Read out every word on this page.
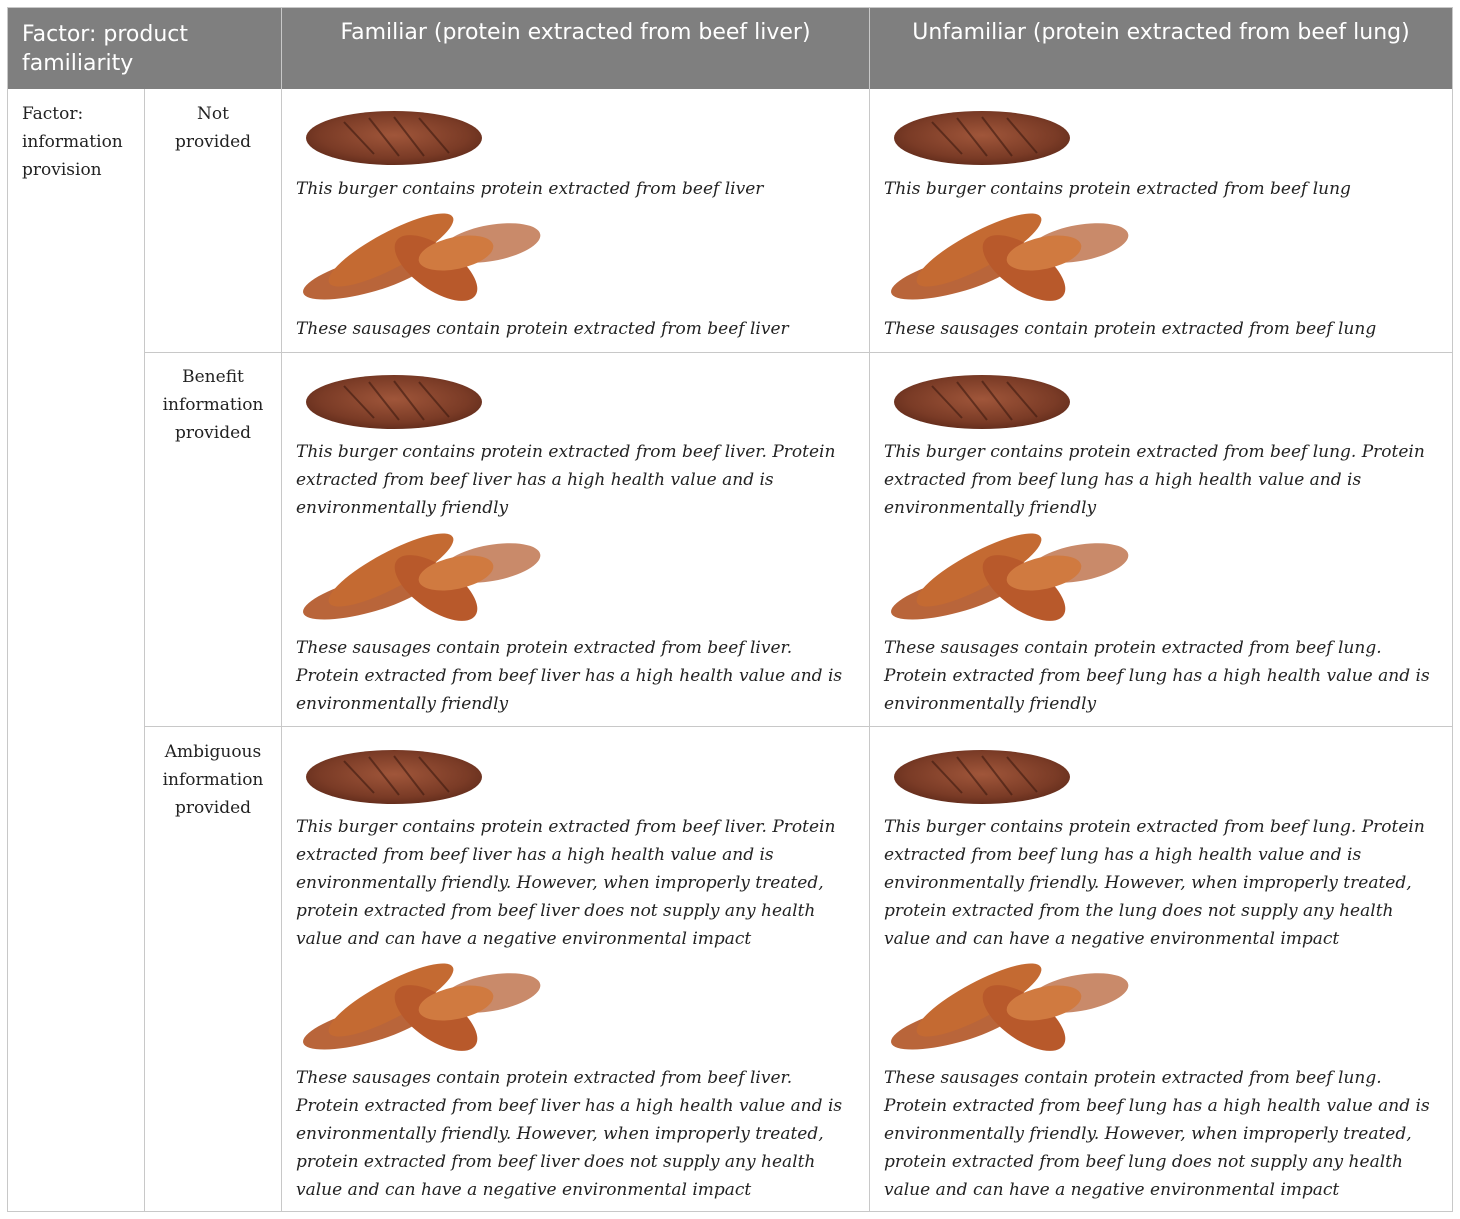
Factor: product familiarity
Familiar (protein extracted from beef liver)	Unfamiliar (protein extracted from beef lung)
Factor: information provision
Not provided
Benefit information provided
Ambiguous information provided
This burger contains protein extracted from beef liver
These sausages contain protein extracted from beef liver
This burger contains protein extracted from beef lung
These sausages contain protein extracted from beef lung
This burger contains protein extracted from beef liver. Protein extracted from beef liver has a high health value and is environmentally friendly
These sausages contain protein extracted from beef liver. Protein extracted from beef liver has a high health value and is environmentally friendly
This burger contains protein extracted from beef lung. Protein extracted from beef lung has a high health value and is environmentally friendly
These sausages contain protein extracted from beef lung. Protein extracted from beef lung has a high health value and is environmentally friendly
This burger contains protein extracted from beef liver. Protein extracted from beef liver has a high health value and is environmentally friendly. However, when improperly treated, protein extracted from beef liver does not supply any health value and can have a negative environmental impact
These sausages contain protein extracted from beef liver. Protein extracted from beef liver has a high health value and is environmentally friendly. However, when improperly treated, protein extracted from beef liver does not supply any health value and can have a negative environmental impact
This burger contains protein extracted from beef lung. Protein extracted from beef lung has a high health value and is environmentally friendly. However, when improperly treated, protein extracted from the lung does not supply any health value and can have a negative environmental impact
These sausages contain protein extracted from beef lung. Protein extracted from beef lung has a high health value and is environmentally friendly. However, when improperly treated, protein extracted from beef lung does not supply any health value and can have a negative environmental impact
